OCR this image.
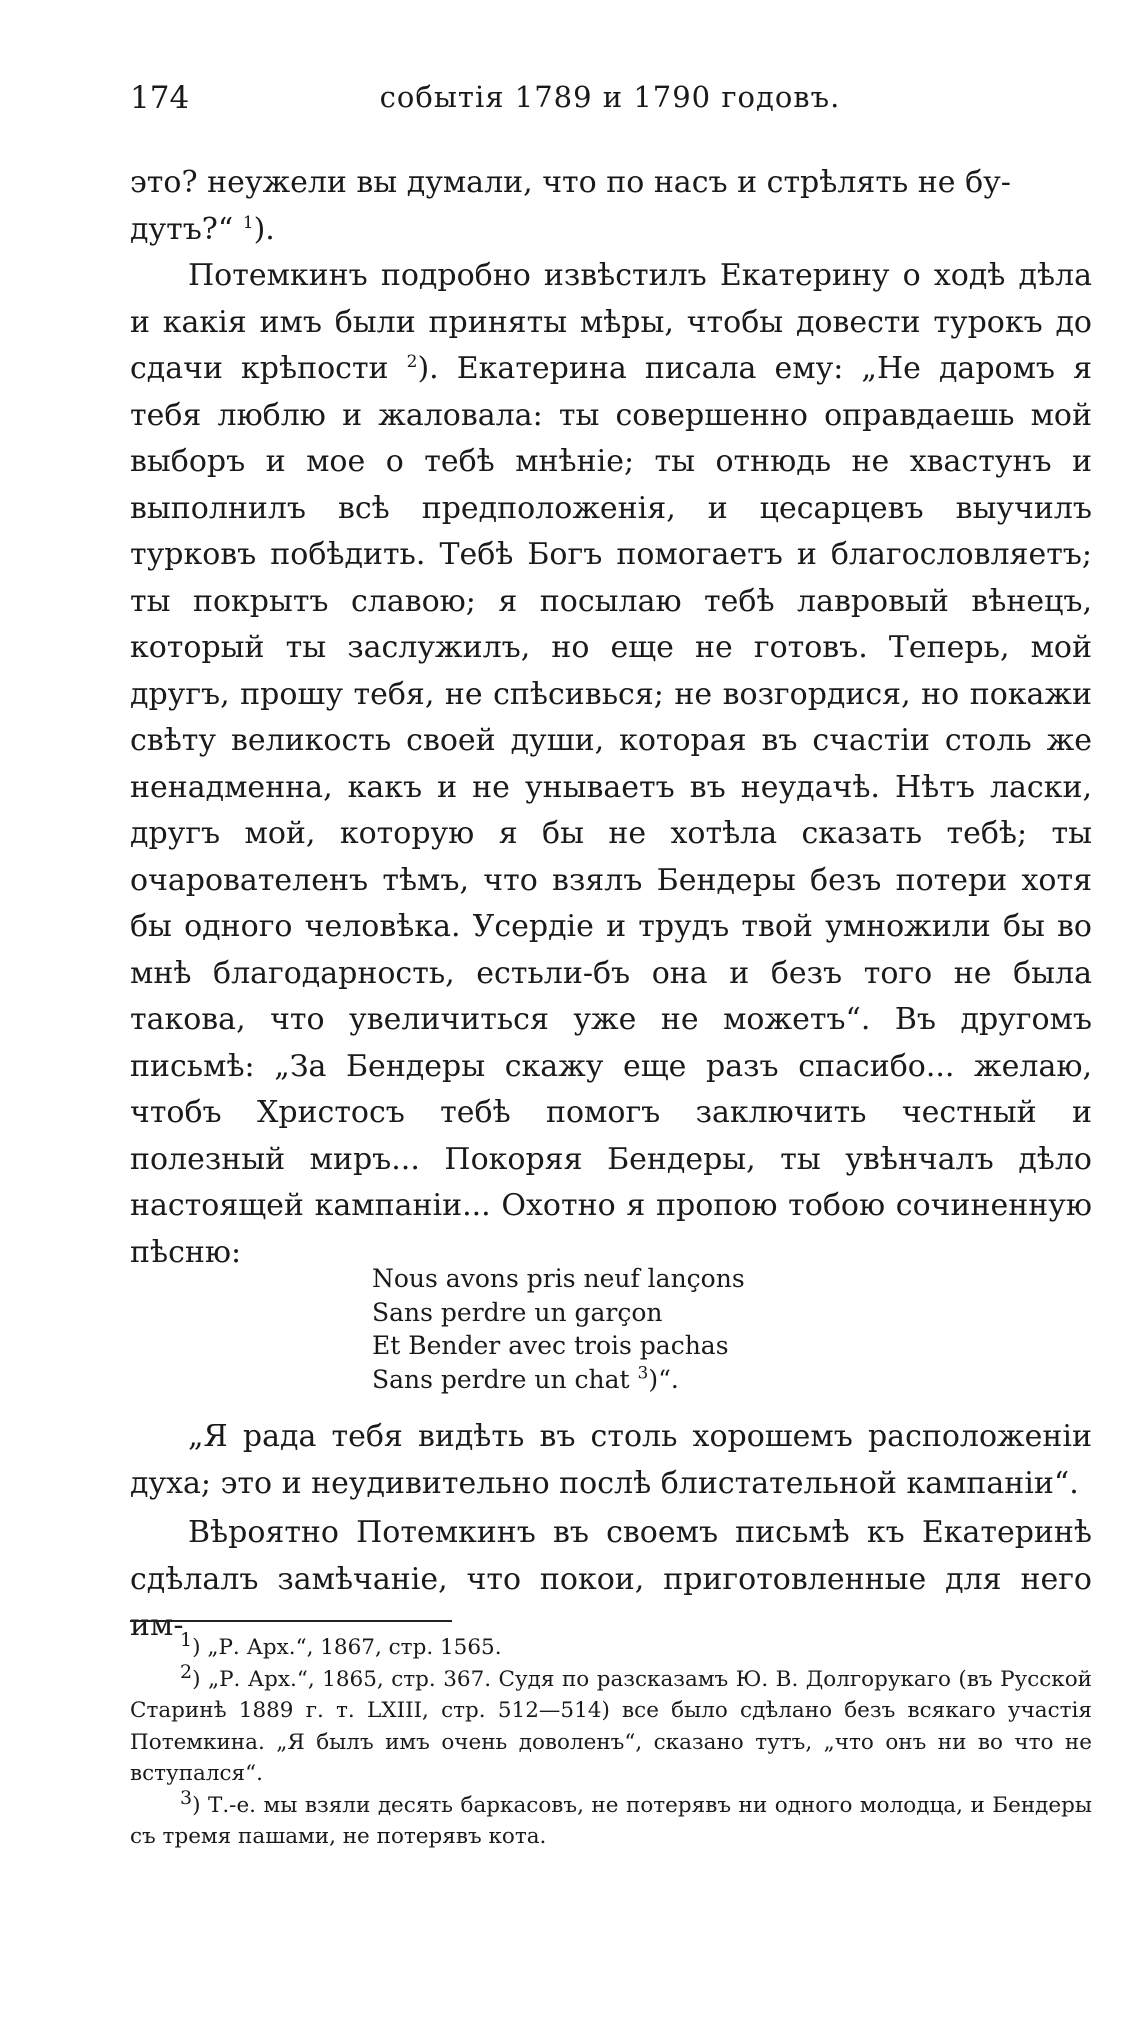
174	событія 1789 и 1790 годовъ.

это? неужели вы думали, что по насъ и стрѣлять не бу-
дутъ?“ $^1$).

Потемкинъ подробно извѣстилъ Екатерину о ходѣ дѣла и какія имъ были приняты мѣры, чтобы довести турокъ до сдачи крѣпости $^2$). Екатерина писала ему: „Не даромъ я тебя люблю и жаловала: ты совершенно оправдаешь мой выборъ и мое о тебѣ мнѣніе; ты отнюдь не хвастунъ и выполнилъ всѣ предположенія, и цесарцевъ выучилъ турковъ побѣдить. Тебѣ Богъ помогаетъ и благословляетъ; ты покрытъ славою; я посылаю тебѣ лавровый вѣнецъ, который ты заслужилъ, но еще не готовъ. Теперь, мой другъ, прошу тебя, не спѣсивься; не возгордися, но покажи свѣту великость своей души, которая въ счастіи столь же ненадменна, какъ и не унываетъ въ неудачѣ. Нѣтъ ласки, другъ мой, которую я бы не хотѣла сказать тебѣ; ты очарователенъ тѣмъ, что взялъ Бендеры безъ потери хотя бы одного человѣка. Усердіе и трудъ твой умножили бы во мнѣ благодарность, естьли-бъ она и безъ того не была такова, что увеличиться уже не можетъ“. Въ другомъ письмѣ: „За Бендеры скажу еще разъ спасибо... желаю, чтобъ Христосъ тебѣ помогъ заключить честный и полезный миръ... Покоряя Бендеры, ты увѣнчалъ дѣло настоящей кампаніи... Охотно я пропою тобою сочиненную пѣсню:

Nous avons pris neuf lançons
Sans perdre un garçon
Et Bender avec trois pachas
Sans perdre un chat $^3$)“.

„Я рада тебя видѣть въ столь хорошемъ расположеніи духа; это и неудивительно послѣ блистательной кампаніи“.

Вѣроятно Потемкинъ въ своемъ письмѣ къ Екатеринѣ сдѣлалъ замѣчаніе, что покои, приготовленные для него им-

$^1$) „Р. Арх.“, 1867, стр. 1565.

$^2$) „Р. Арх.“, 1865, стр. 367. Судя по разсказамъ Ю. В. Долгорукаго (въ Русской Старинѣ 1889 г. т. LXIII, стр. 512—514) все было сдѣлано безъ всякаго участія Потемкина. „Я былъ имъ очень доволенъ“, сказано тутъ, „что онъ ни во что не вступался“.

$^3$) Т.-е. мы взяли десять баркасовъ, не потерявъ ни одного молодца, и Бендеры съ тремя пашами, не потерявъ кота.
